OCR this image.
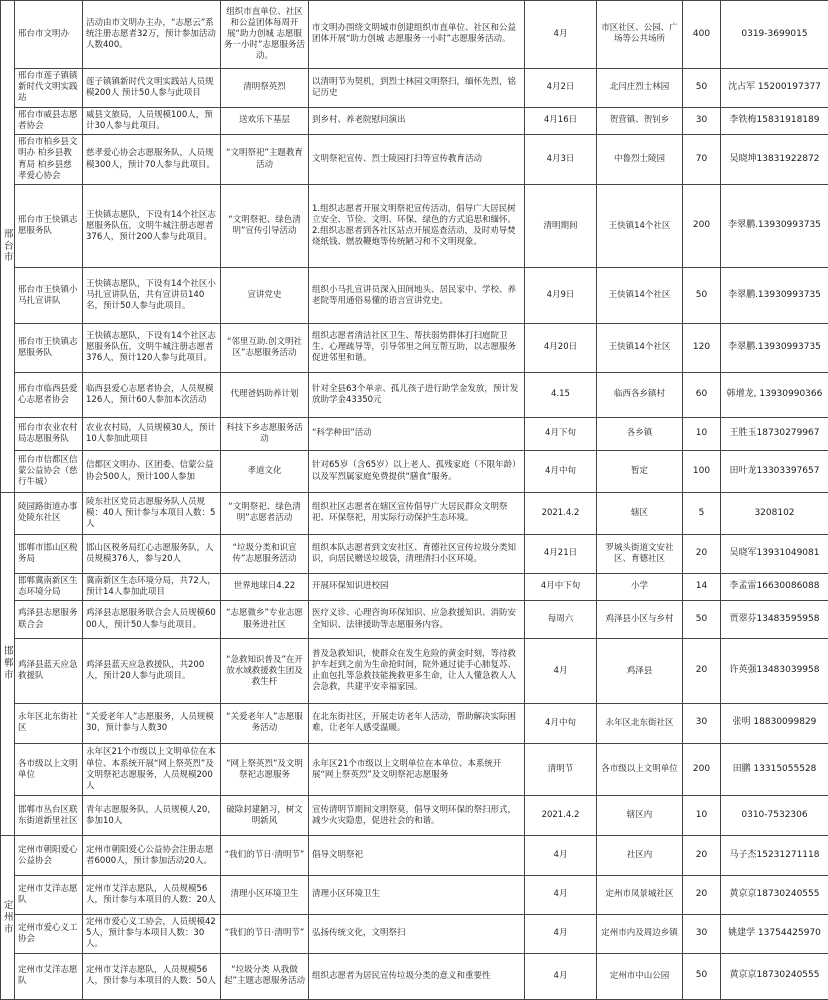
邢台市	邢台市文明办	活动由市文明办主办，“志愿云”系统注册志愿者32万，预计参加活动人数400。	组织市直单位、社区和公益团体每周开展“助力创城 志愿服务一小时”志愿服务活动。	市文明办围绕文明城市创建组织市直单位、社区和公益团体开展“助力创城 志愿服务一小时”志愿服务活动。	4月	市区社区、公园、广场等公共场所	400	0319-3699015
	邢台市莲子镇镇新时代文明实践站	莲子镇镇新时代文明实践站人员规模200人 预计50人参与此项目	清明祭英烈	以清明节为契机，到烈士林园文明祭扫，缅怀先烈，铭记历史	4月2日	北闫庄烈士林园	50	沈占军 15200197377
	邢台市威县志愿者协会	威县文旅局，人员规模100人，预计30人参与此项目。	送欢乐下基层	到乡村、养老院慰问演出	4月16日	贺营镇、贺钊乡	30	李铁梅15831918189
	邢台市柏乡县文明办 柏乡县教育局 柏乡县慈孝爱心协会	慈孝爱心协会志愿服务队，人员规模300人，预计70人参与此项目。	“文明祭祀”主题教育活动	文明祭祀宣传、烈士陵园打扫等宣传教育活动	4月3日	中鲁烈士陵园	70	吴晓坤13831922872
	邢台市王快镇志愿服务队	王快镇志愿队，下设有14个社区志愿服务队伍，文明牛城注册志愿者376人，预计200人参与此项目。	“文明祭祀、绿色清明”宣传引导活动	1.组织志愿者开展文明祭祀宣传活动，倡导广大居民树立安全、节俭、文明、环保、绿色的方式追思和缅怀。2.组织志愿者到各社区站点开展巡查活动，及时劝导焚烧纸钱、燃放鞭炮等传统陋习和不文明现象。	清明期间	王快镇14个社区	200	李翠鹏.13930993735
	邢台市王快镇小马扎宣讲队	王快镇志愿队，下设有14个社区小马扎宣讲队伍，共有宣讲员140名，预计50人参与此项目。	宣讲党史	组织小马扎宣讲员深入田间地头、居民家中、学校、养老院等用通俗易懂的语言宣讲党史。	4月9日	王快镇14个社区	50	李翠鹏.13930993735
	邢台市王快镇志愿服务队	王快镇志愿队，下设有14个社区志愿服务队伍，文明牛城注册志愿者376人，预计120人参与此项目。	“邻里互助.创文明社区”志愿服务活动	组织志愿者清洁社区卫生、帮扶弱势群体打扫庭院卫生、心理疏导等，引导邻里之间互帮互助，以志愿服务促进邻里和谐。	4月20日	王快镇14个社区	120	李翠鹏.13930993735
	邢台市临西县爱心志愿者协会	临西县爱心志愿者协会，人员规模126人，预计60人参加本次活动	代理爸妈助养计划	针对全县63个单亲、孤儿孩子进行助学金发放，预计发放助学金43350元	4.15	临西各乡镇村	60	韩增龙, 13930990366
	邢台市农业农村局志愿服务队	农业农村局，人员规模30人，预计10人参加此项目	科技下乡志愿服务活动	“科学种田”活动	4月下旬	各乡镇	10	王胜玉18730279967
	邢台市信都区信蒙公益协会（慈行牛城）	信都区文明办、区团委、信蒙公益协会500人，预计100人参加	孝道文化	针对65岁（含65岁）以上老人、孤残家庭（不限年龄）以及军烈属家庭免费提供“膳食”服务。	4月中旬	暂定	100	田叶龙13303397657

邯郸市	陵园路街道办事处陵东社区	陵东社区党员志愿服务队人员规模：40人 预计参与本项目人数：5人	“文明祭祀、绿色清明”志愿者活动	组织社区志愿者在辖区宣传倡导广大居民群众文明祭祀、环保祭祀，用实际行动保护生态环境。	2021.4.2	辖区	5	3208102
	邯郸市邯山区税务局	邯山区税务局红心志愿服务队，人员规模376人，参与20人	“垃圾分类和识宣传”志愿服务活动	组织本队志愿者到文安社区、育德社区宣传垃圾分类知识，向居民赠送垃圾袋，清理清扫小区环境。	4月21日	罗城头街道文安社区、育德社区	20	吴晓军13931049081
	邯郸冀南新区生态环境分局	冀南新区生态环境分局，共72人，预计14人参加此项目	世界地球日4.22	开展环保知识进校园	4月中下旬	小学	14	李孟雷16630086088
	鸡泽县志愿服务联合会	鸡泽县志愿服务联合会人员规模6000人，预计50人参与此项目。	“志愿微乡”专业志愿服务进社区	医疗义诊、心理咨询环保知识、应急救援知识、消防安全知识、法律援助等志愿服务内容。	每周六	鸡泽县小区与乡村	50	贾翠芬13483595958
	鸡泽县蓝天应急救援队	鸡泽县蓝天应急救援队，共200人，预计20人参与此项目。	“急救知识普及”在开放水域救援救生团及救生杆	普及急救知识，使群众在发生危险的黄金时刻，等待救护车赶到之前为生命抢时间，院外通过徒手心肺复苏、止血包扎等急救技能挽救更多生命，让人人懂急救人人会急救，共建平安幸福家园。	4月	鸡泽县	20	许英强13483039958
	永年区北东街社区	“关爱老年人”志愿服务，人员规模30，预计参与人数30	“关爱老年人”志愿服务活动	在北东街社区，开展走访老年人活动，帮助解决实际困难，让老年人感受温暖。	4月中旬	永年区北东街社区	30	张明 18830099829
	各市级以上文明单位	永年区21个市级以上文明单位在本单位、本系统开展“网上祭英烈”及文明祭祀志愿服务，人员规模200人	“网上祭英烈”及文明祭祀志愿服务	永年区21个市级以上文明单位在本单位、本系统开展“网上祭英烈”及文明祭祀志愿服务	清明节	各市级以上文明单位	200	田鹏 13315055528
	邯郸市丛台区联东街道新里社区	青年志愿服务队，人员规模人20，参加10人	破除封建陋习，树文明新风	宣传清明节期间文明祭莫，倡导文明环保的祭扫形式，减少火灾隐患，促进社会的和谐。	2021.4.2	辖区内	10	0310-7532306

定州市	定州市朝阳爱心公益协会	定州市朝阳爱心公益协会注册志愿者6000人，预计参加活动20人。	“我们的节日·清明节”	倡导文明祭祀	4月	社区内	20	马子杰15231271118
	定州市艾洋志愿队	定州市艾洋志愿队，人员规模56人，预计参与本项目的人数：20人	清理小区环境卫生	清理小区环境卫生	4月	定州市凤景城社区	20	黄京京18730240555
	定州市爱心义工协会	定州市爱心义工协会，人员规模425人，预计参与本项目人数：30人。	“我们的节日·清明节”	弘扬传统文化，文明祭扫	4月	定州市内及周边乡镇	30	姚建学 13754425970
	定州市艾洋志愿队	定州市艾洋志愿队，人员规模56人，预计参与本项目的人数：50人	“垃圾分类 从我做起”主题志愿服务活动	组织志愿者为居民宣传垃圾分类的意义和重要性	4月	定州市中山公园	50	黄京京18730240555
